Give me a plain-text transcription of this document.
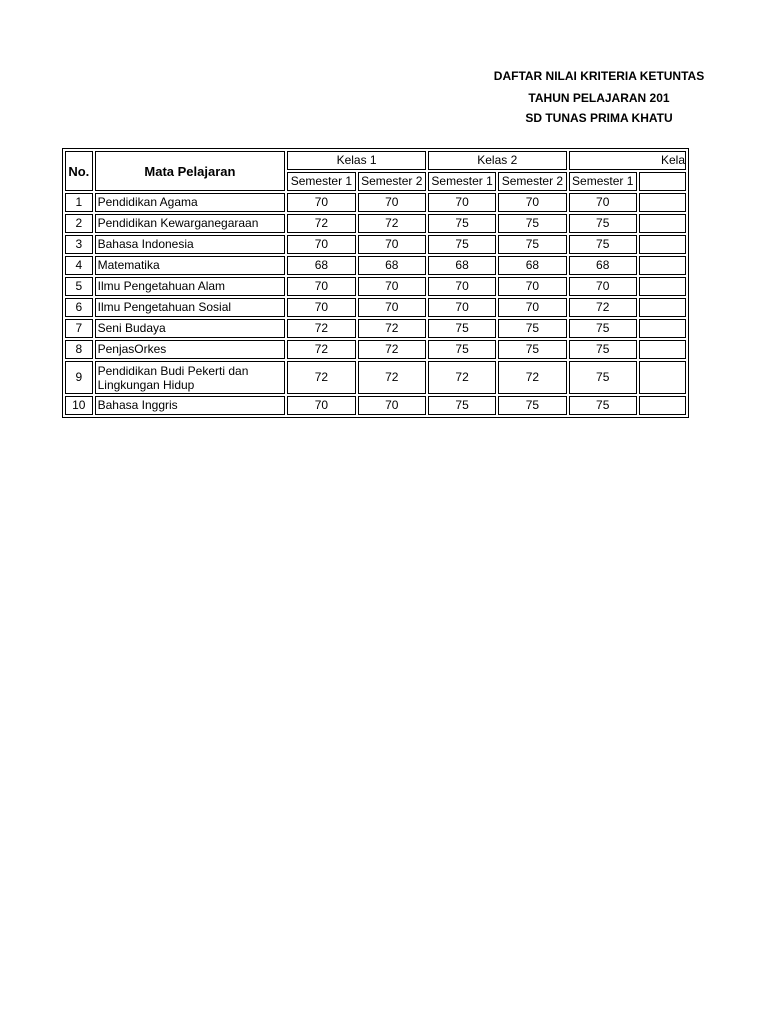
DAFTAR NILAI KRITERIA KETUNTAS
TAHUN PELAJARAN 201
SD TUNAS PRIMA KHATU
No.	Mata Pelajaran	Kelas 1		Kelas 2		Kela	
		Semester 1	Semester 2	Semester 1	Semester 2	Semester 1	
1	Pendidikan Agama	70	70	70	70	70	
2	Pendidikan Kewarganegaraan	72	72	75	75	75	
3	Bahasa Indonesia	70	70	75	75	75	
4	Matematika	68	68	68	68	68	
5	Ilmu Pengetahuan Alam	70	70	70	70	70	
6	Ilmu Pengetahuan Sosial	70	70	70	70	72	
7	Seni Budaya	72	72	75	75	75	
8	PenjasOrkes	72	72	75	75	75	
9	Pendidikan Budi Pekerti dan Lingkungan Hidup	72	72	72	72	75	
10	Bahasa Inggris	70	70	75	75	75	
